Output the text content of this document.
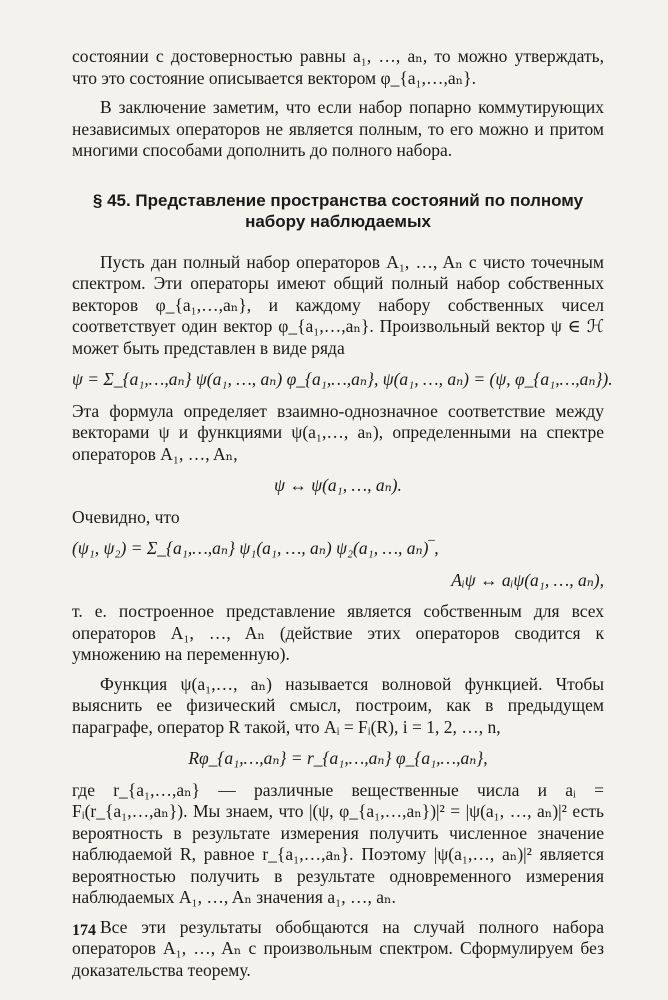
состоянии с достоверностью равны a₁, …, aₙ, то можно утверждать, что это состояние описывается вектором φ_{a₁,…,aₙ}.

В заключение заметим, что если набор попарно коммутирующих независимых операторов не является полным, то его можно и притом многими способами дополнить до полного набора.

§ 45. Представление пространства состояний по полному набору наблюдаемых

Пусть дан полный набор операторов A₁, …, Aₙ с чисто точечным спектром. Эти операторы имеют общий полный набор собственных векторов φ_{a₁,…,aₙ}, и каждому набору собственных чисел соответствует один вектор φ_{a₁,…,aₙ}. Произвольный вектор ψ ∈ ℋ может быть представлен в виде ряда

ψ = Σ_{a₁,…,aₙ} ψ(a₁, …, aₙ) φ_{a₁,…,aₙ}, ψ(a₁, …, aₙ) = (ψ, φ_{a₁,…,aₙ}).

Эта формула определяет взаимно-однозначное соответствие между векторами ψ и функциями ψ(a₁,…, aₙ), определенными на спектре операторов A₁, …, Aₙ,

ψ ↔ ψ(a₁, …, aₙ).

Очевидно, что

(ψ₁, ψ₂) = Σ_{a₁,…,aₙ} ψ₁(a₁, …, aₙ) ψ₂(a₁, …, aₙ)‾,
Aᵢψ ↔ aᵢψ(a₁, …, aₙ),

т. е. построенное представление является собственным для всех операторов A₁, …, Aₙ (действие этих операторов сводится к умножению на переменную).

Функция ψ(a₁,…, aₙ) называется волновой функцией. Чтобы выяснить ее физический смысл, построим, как в предыдущем параграфе, оператор R такой, что Aᵢ = Fᵢ(R), i = 1, 2, …, n,

Rφ_{a₁,…,aₙ} = r_{a₁,…,aₙ} φ_{a₁,…,aₙ},

где r_{a₁,…,aₙ} — различные вещественные числа и aᵢ = Fᵢ(r_{a₁,…,aₙ}). Мы знаем, что |(ψ, φ_{a₁,…,aₙ})|² = |ψ(a₁, …, aₙ)|² есть вероятность в результате измерения получить численное значение наблюдаемой R, равное r_{a₁,…,aₙ}. Поэтому |ψ(a₁,…, aₙ)|² является вероятностью получить в результате одновременного измерения наблюдаемых A₁, …, Aₙ значения a₁, …, aₙ.

Все эти результаты обобщаются на случай полного набора операторов A₁, …, Aₙ с произвольным спектром. Сформулируем без доказательства теорему.

174
